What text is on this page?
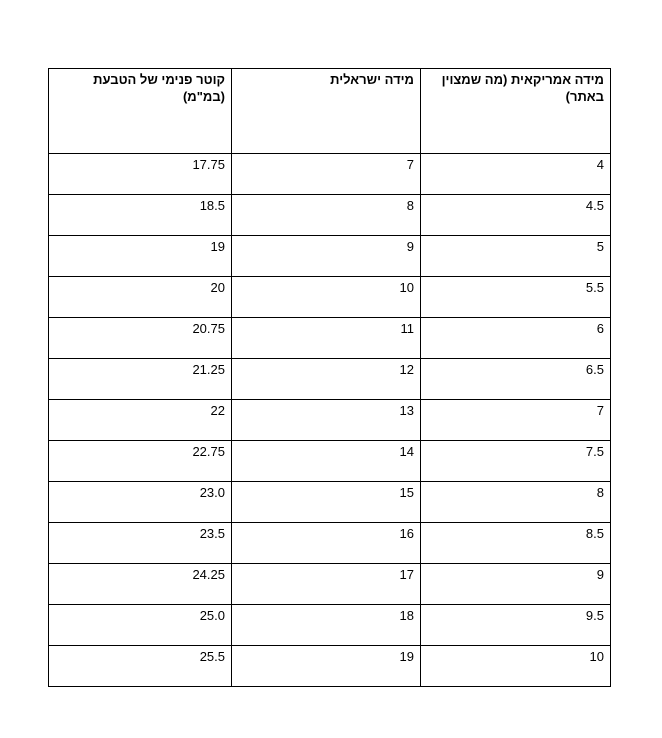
מידה אמריקאית (מה שמצוין באתר)	מידה ישראלית	קוטר פנימי של הטבעת (במ"מ)
4	7	17.75
4.5	8	18.5
5	9	19
5.5	10	20
6	11	20.75
6.5	12	21.25
7	13	22
7.5	14	22.75
8	15	23.0
8.5	16	23.5
9	17	24.25
9.5	18	25.0
10	19	25.5
